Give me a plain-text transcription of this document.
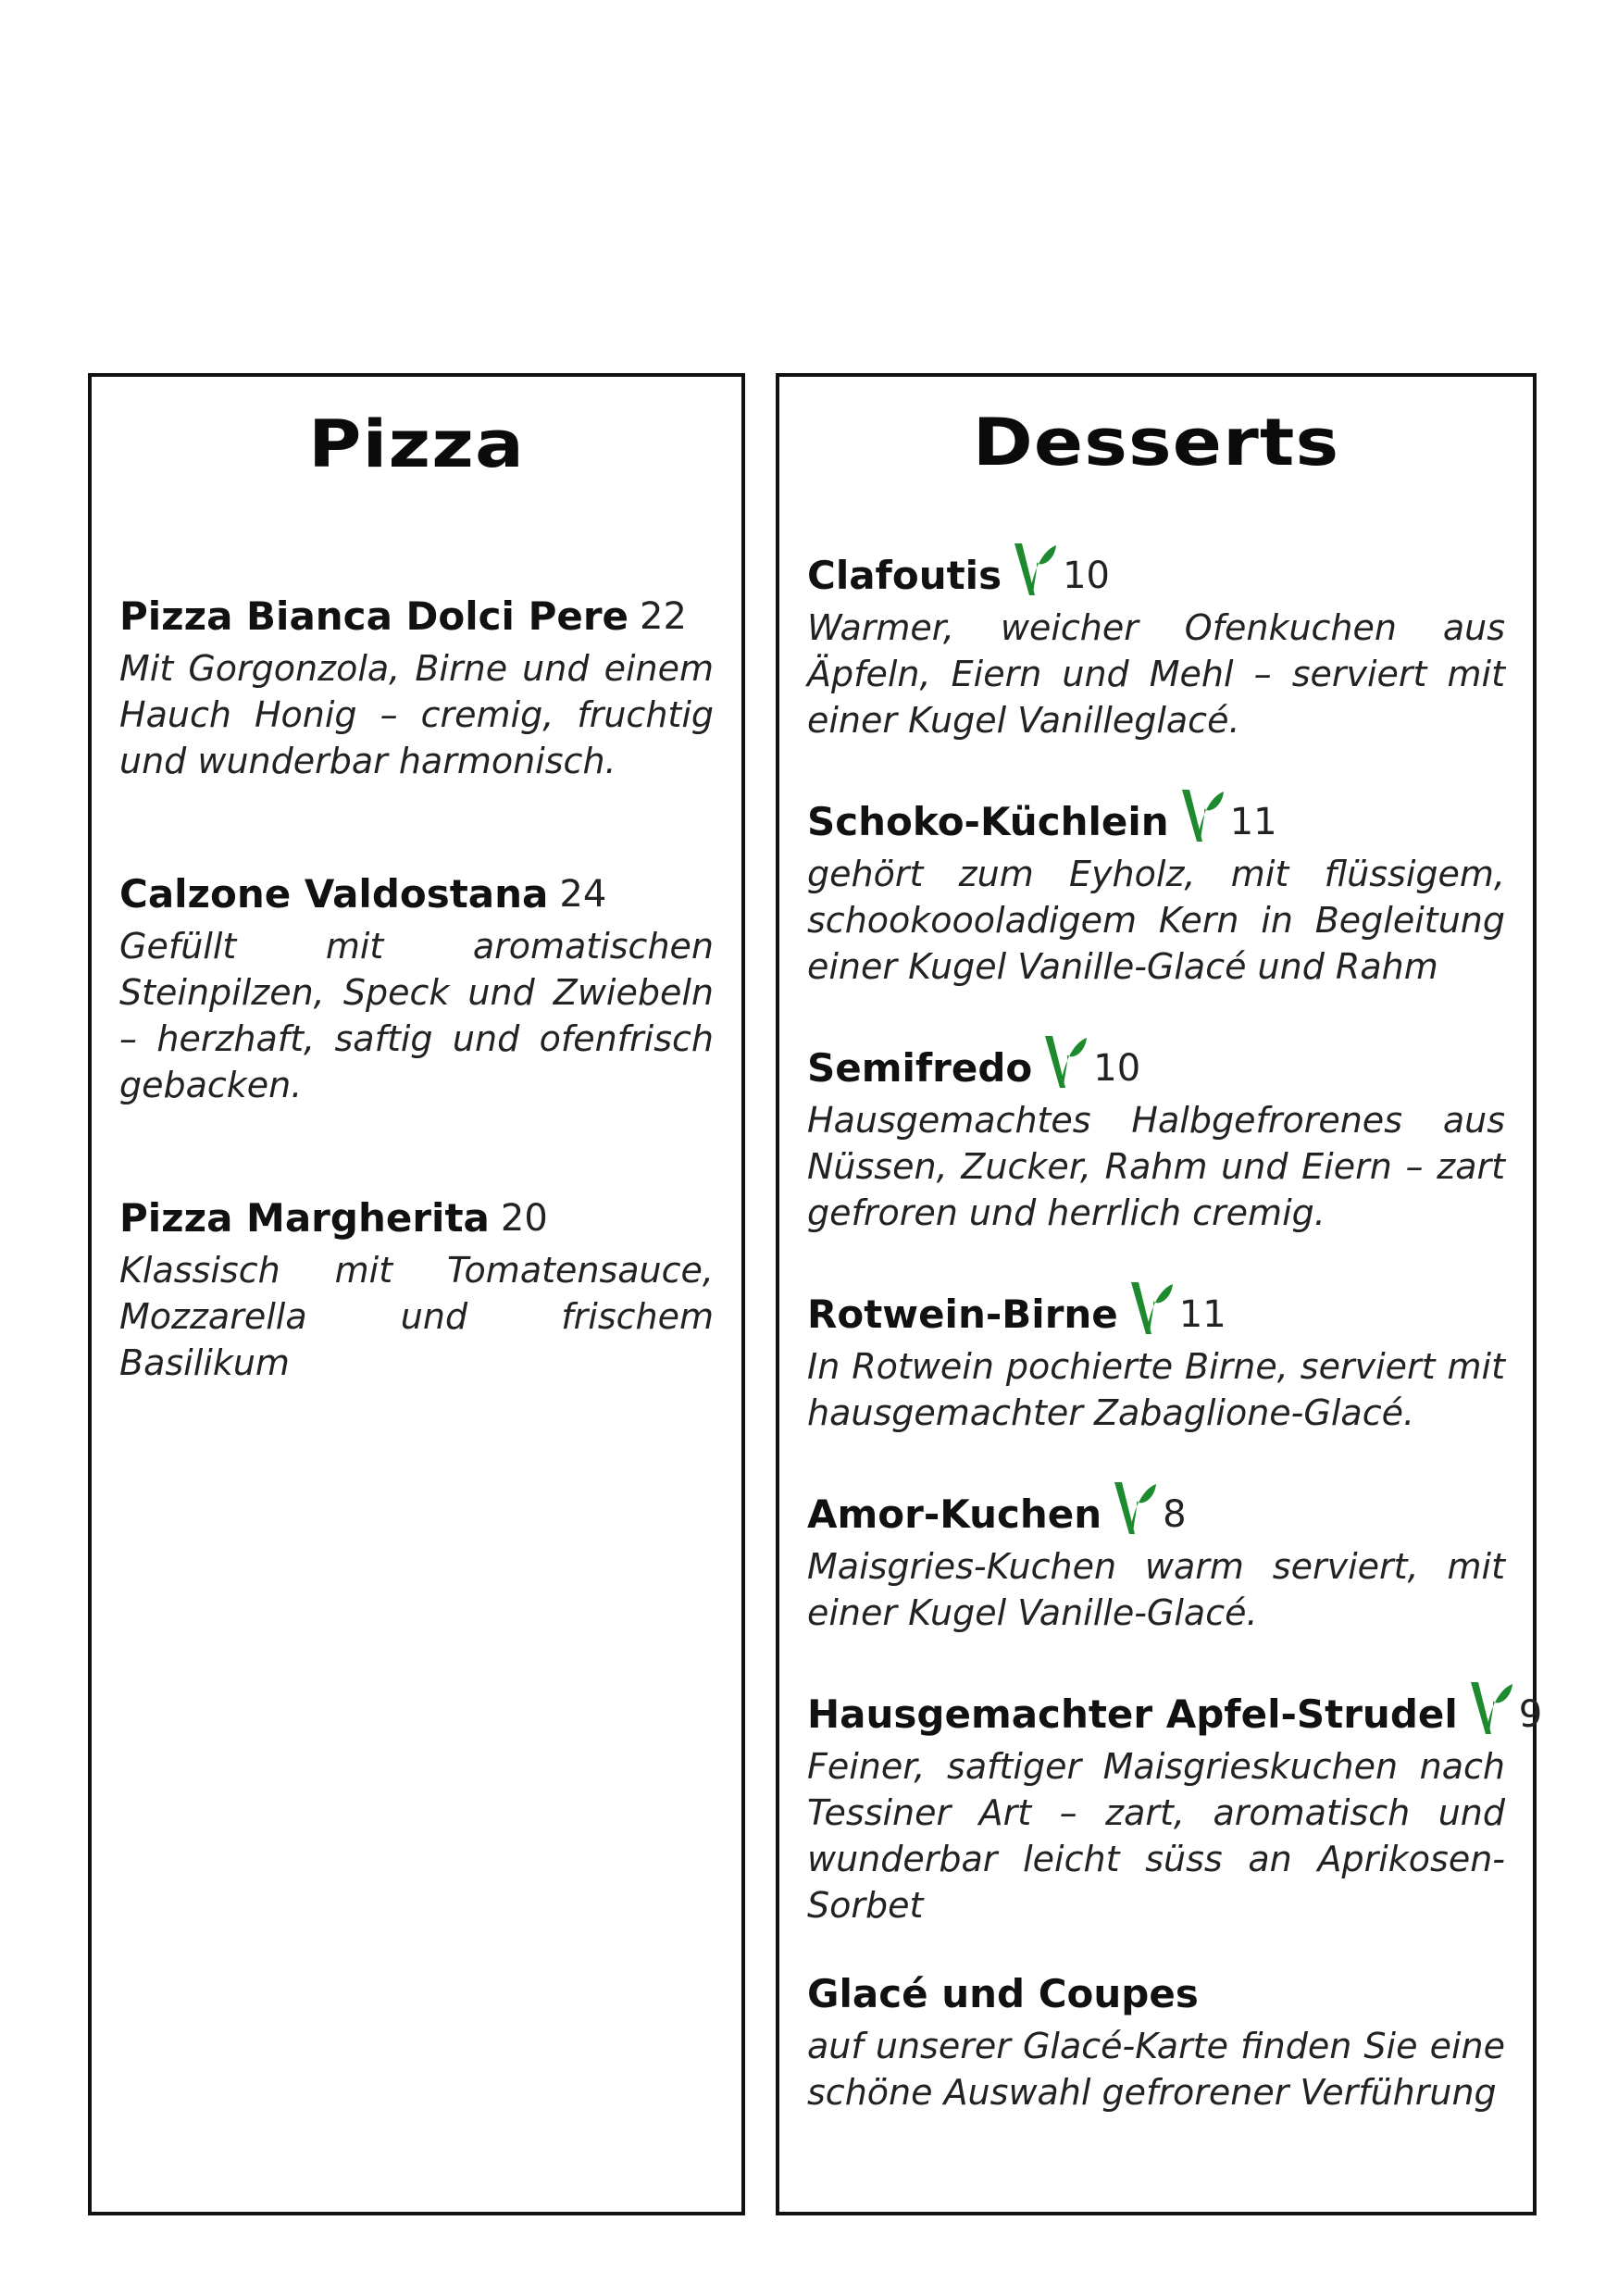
Pizza
Pizza Bianca Dolci Pere 22

Mit Gorgonzola, Birne und einem Hauch Honig – cremig, fruchtig und wunderbar harmonisch.

Calzone Valdostana 24

Gefüllt mit aromatischen Steinpilzen, Speck und Zwiebeln – herzhaft, saftig und ofenfrisch gebacken.

Pizza Margherita 20

Klassisch mit Tomatensauce, Mozzarella und frischem Basilikum

Desserts
Clafoutis 10

Warmer, weicher Ofenkuchen aus Äpfeln, Eiern und Mehl – serviert mit einer Kugel Vanilleglacé.

Schoko-Küchlein 11

gehört zum Eyholz, mit flüssigem, schookoooladigem Kern in Begleitung einer Kugel Vanille-Glacé und Rahm

Semifredo 10

Hausgemachtes Halbgefrorenes aus Nüssen, Zucker, Rahm und Eiern – zart gefroren und herrlich cremig.

Rotwein-Birne 11

In Rotwein pochierte Birne, serviert mit hausgemachter Zabaglione-Glacé.

Amor-Kuchen 8

Maisgries-Kuchen warm serviert, mit einer Kugel Vanille-Glacé.

Hausgemachter Apfel-Strudel 9

Feiner, saftiger Maisgrieskuchen nach Tessiner Art – zart, aromatisch und wunderbar leicht süss an Aprikosen-Sorbet

Glacé und Coupes

auf unserer Glacé-Karte finden Sie eine schöne Auswahl gefrorener Verführung
